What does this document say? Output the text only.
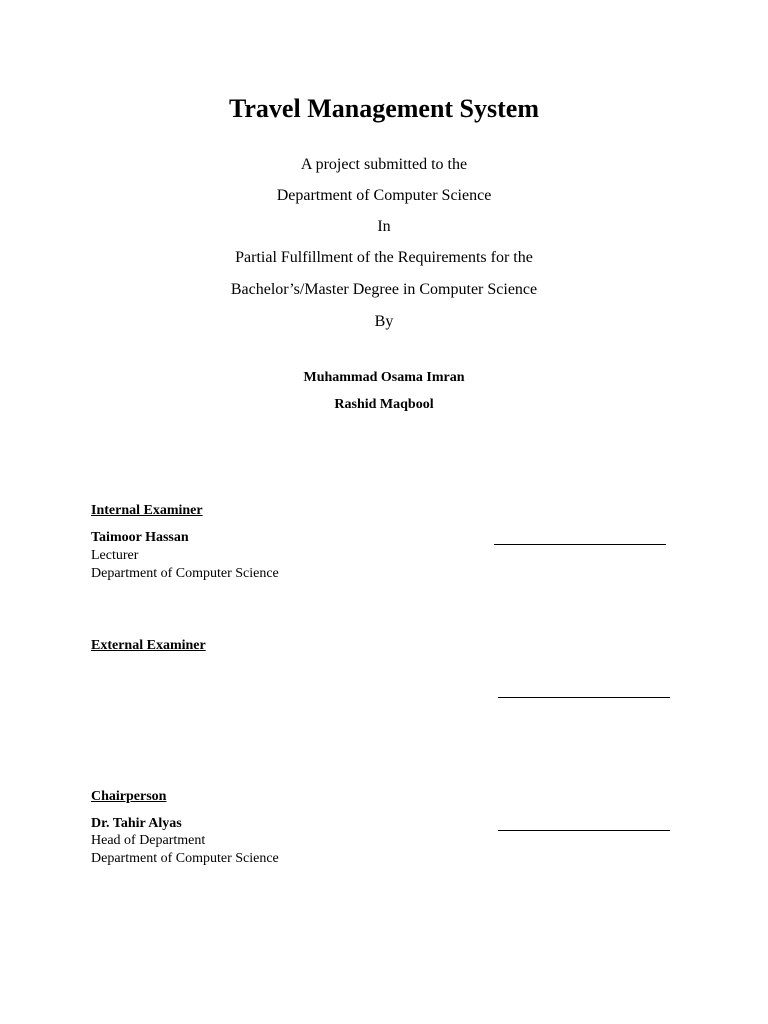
Travel Management System
A project submitted to the
Department of Computer Science
In
Partial Fulfillment of the Requirements for the
Bachelor’s/Master Degree in Computer Science
By
Muhammad Osama Imran
Rashid Maqbool
Internal Examiner
Taimoor Hassan
Lecturer
Department of Computer Science
External Examiner
Chairperson
Dr. Tahir Alyas
Head of Department
Department of Computer Science
